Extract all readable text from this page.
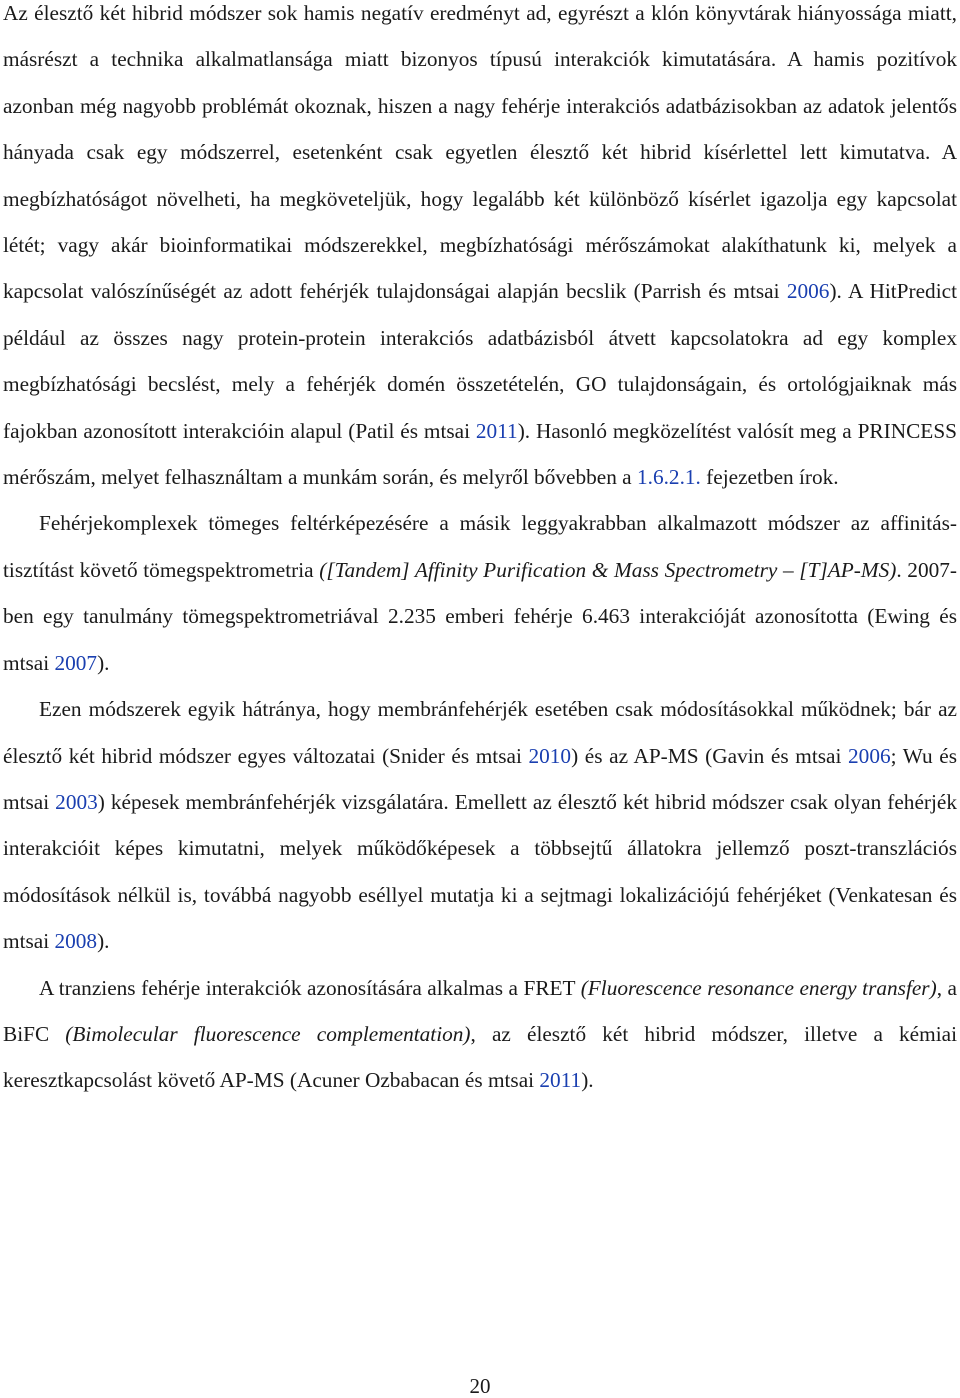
Az élesztő két hibrid módszer sok hamis negatív eredményt ad, egyrészt a klón könyvtárak hiányossága miatt, másrészt a technika alkalmatlansága miatt bizonyos típusú interakciók kimutatására. A hamis pozitívok azonban még nagyobb problémát okoznak, hiszen a nagy fehérje interakciós adatbázisokban az adatok jelentős hányada csak egy módszerrel, esetenként csak egyetlen élesztő két hibrid kísérlettel lett kimutatva. A megbízhatóságot növelheti, ha megköveteljük, hogy legalább két különböző kísérlet igazolja egy kapcsolat létét; vagy akár bioinformatikai módszerekkel, megbízhatósági mérőszámokat alakíthatunk ki, melyek a kapcsolat valószínűségét az adott fehérjék tulajdonságai alapján becslik (Parrish és mtsai 2006). A HitPredict például az összes nagy protein-protein interakciós adatbázisból átvett kapcsolatokra ad egy komplex megbízhatósági becslést, mely a fehérjék domén összetételén, GO tulajdonságain, és ortológjaiknak más fajokban azonosított interakcióin alapul (Patil és mtsai 2011). Hasonló megközelítést valósít meg a PRINCESS mérőszám, melyet felhasználtam a munkám során, és melyről bővebben a 1.6.2.1. fejezetben írok.

Fehérjekomplexek tömeges feltérképezésére a másik leggyakrabban alkalmazott módszer az affinitás-tisztítást követő tömegspektrometria ([Tandem] Affinity Purification & Mass Spectrometry – [T]AP-MS). 2007-ben egy tanulmány tömegspektrometriával 2.235 emberi fehérje 6.463 interakcióját azonosította (Ewing és mtsai 2007).

Ezen módszerek egyik hátránya, hogy membránfehérjék esetében csak módosításokkal működnek; bár az élesztő két hibrid módszer egyes változatai (Snider és mtsai 2010) és az AP-MS (Gavin és mtsai 2006; Wu és mtsai 2003) képesek membránfehérjék vizsgálatára. Emellett az élesztő két hibrid módszer csak olyan fehérjék interakcióit képes kimutatni, melyek működőképesek a többsejtű állatokra jellemző poszt-transzlációs módosítások nélkül is, továbbá nagyobb eséllyel mutatja ki a sejtmagi lokalizációjú fehérjéket (Venkatesan és mtsai 2008).

A tranziens fehérje interakciók azonosítására alkalmas a FRET (Fluorescence resonance energy transfer), a BiFC (Bimolecular fluorescence complementation), az élesztő két hibrid módszer, illetve a kémiai keresztkapcsolást követő AP-MS (Acuner Ozbabacan és mtsai 2011).

20
